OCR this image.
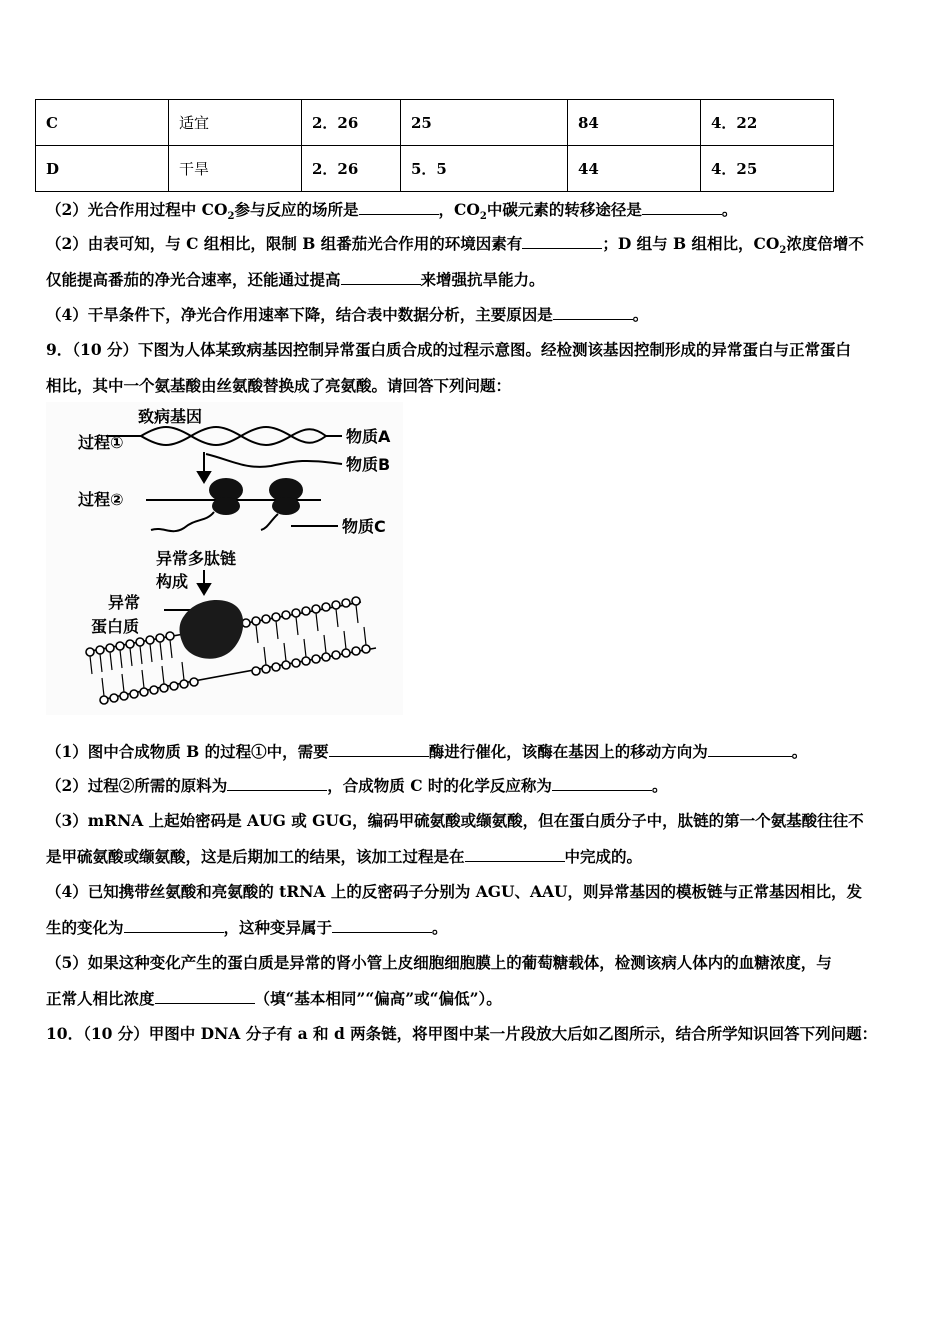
C	适宜	2．26	25	84	4．22
D	干旱	2．26	5．5	44	4．25
（2）光合作用过程中 $CO_2$参与反应的场所是	，$CO_2$中碳元素的转移途径是	。
（2）由表可知，与 C 组相比，限制 B 组番茄光合作用的环境因素有	；D 组与 B 组相比，$CO_2$浓度倍增不
仅能提高番茄的净光合速率，还能通过提高	来增强抗旱能力。
（4）干旱条件下，净光合作用速率下降，结合表中数据分析，主要原因是	。
9．（10 分）下图为人体某致病基因控制异常蛋白质合成的过程示意图。经检测该基因控制形成的异常蛋白与正常蛋白
相比，其中一个氨基酸由丝氨酸替换成了亮氨酸。请回答下列问题：
致病基因
过程①	物质A
物质B
过程②
物质C
异常多肽链
构成
异常
蛋白质
（1）图中合成物质 B 的过程①中，需要	酶进行催化，该酶在基因上的移动方向为	。
（2）过程②所需的原料为	，合成物质 C 时的化学反应称为	。
（3）mRNA 上起始密码是 AUG 或 GUG，编码甲硫氨酸或缬氨酸，但在蛋白质分子中，肽链的第一个氨基酸往往不
是甲硫氨酸或缬氨酸，这是后期加工的结果，该加工过程是在	中完成的。
（4）已知携带丝氨酸和亮氨酸的 tRNA 上的反密码子分别为 AGU、AAU，则异常基因的模板链与正常基因相比，发
生的变化为	，这种变异属于	。
（5）如果这种变化产生的蛋白质是异常的肾小管上皮细胞细胞膜上的葡萄糖载体，检测该病人体内的血糖浓度，与
正常人相比浓度	（填“基本相同”“偏高”或“偏低”）。
10．（10 分）甲图中 DNA 分子有 a 和 d 两条链，将甲图中某一片段放大后如乙图所示，结合所学知识回答下列问题：
